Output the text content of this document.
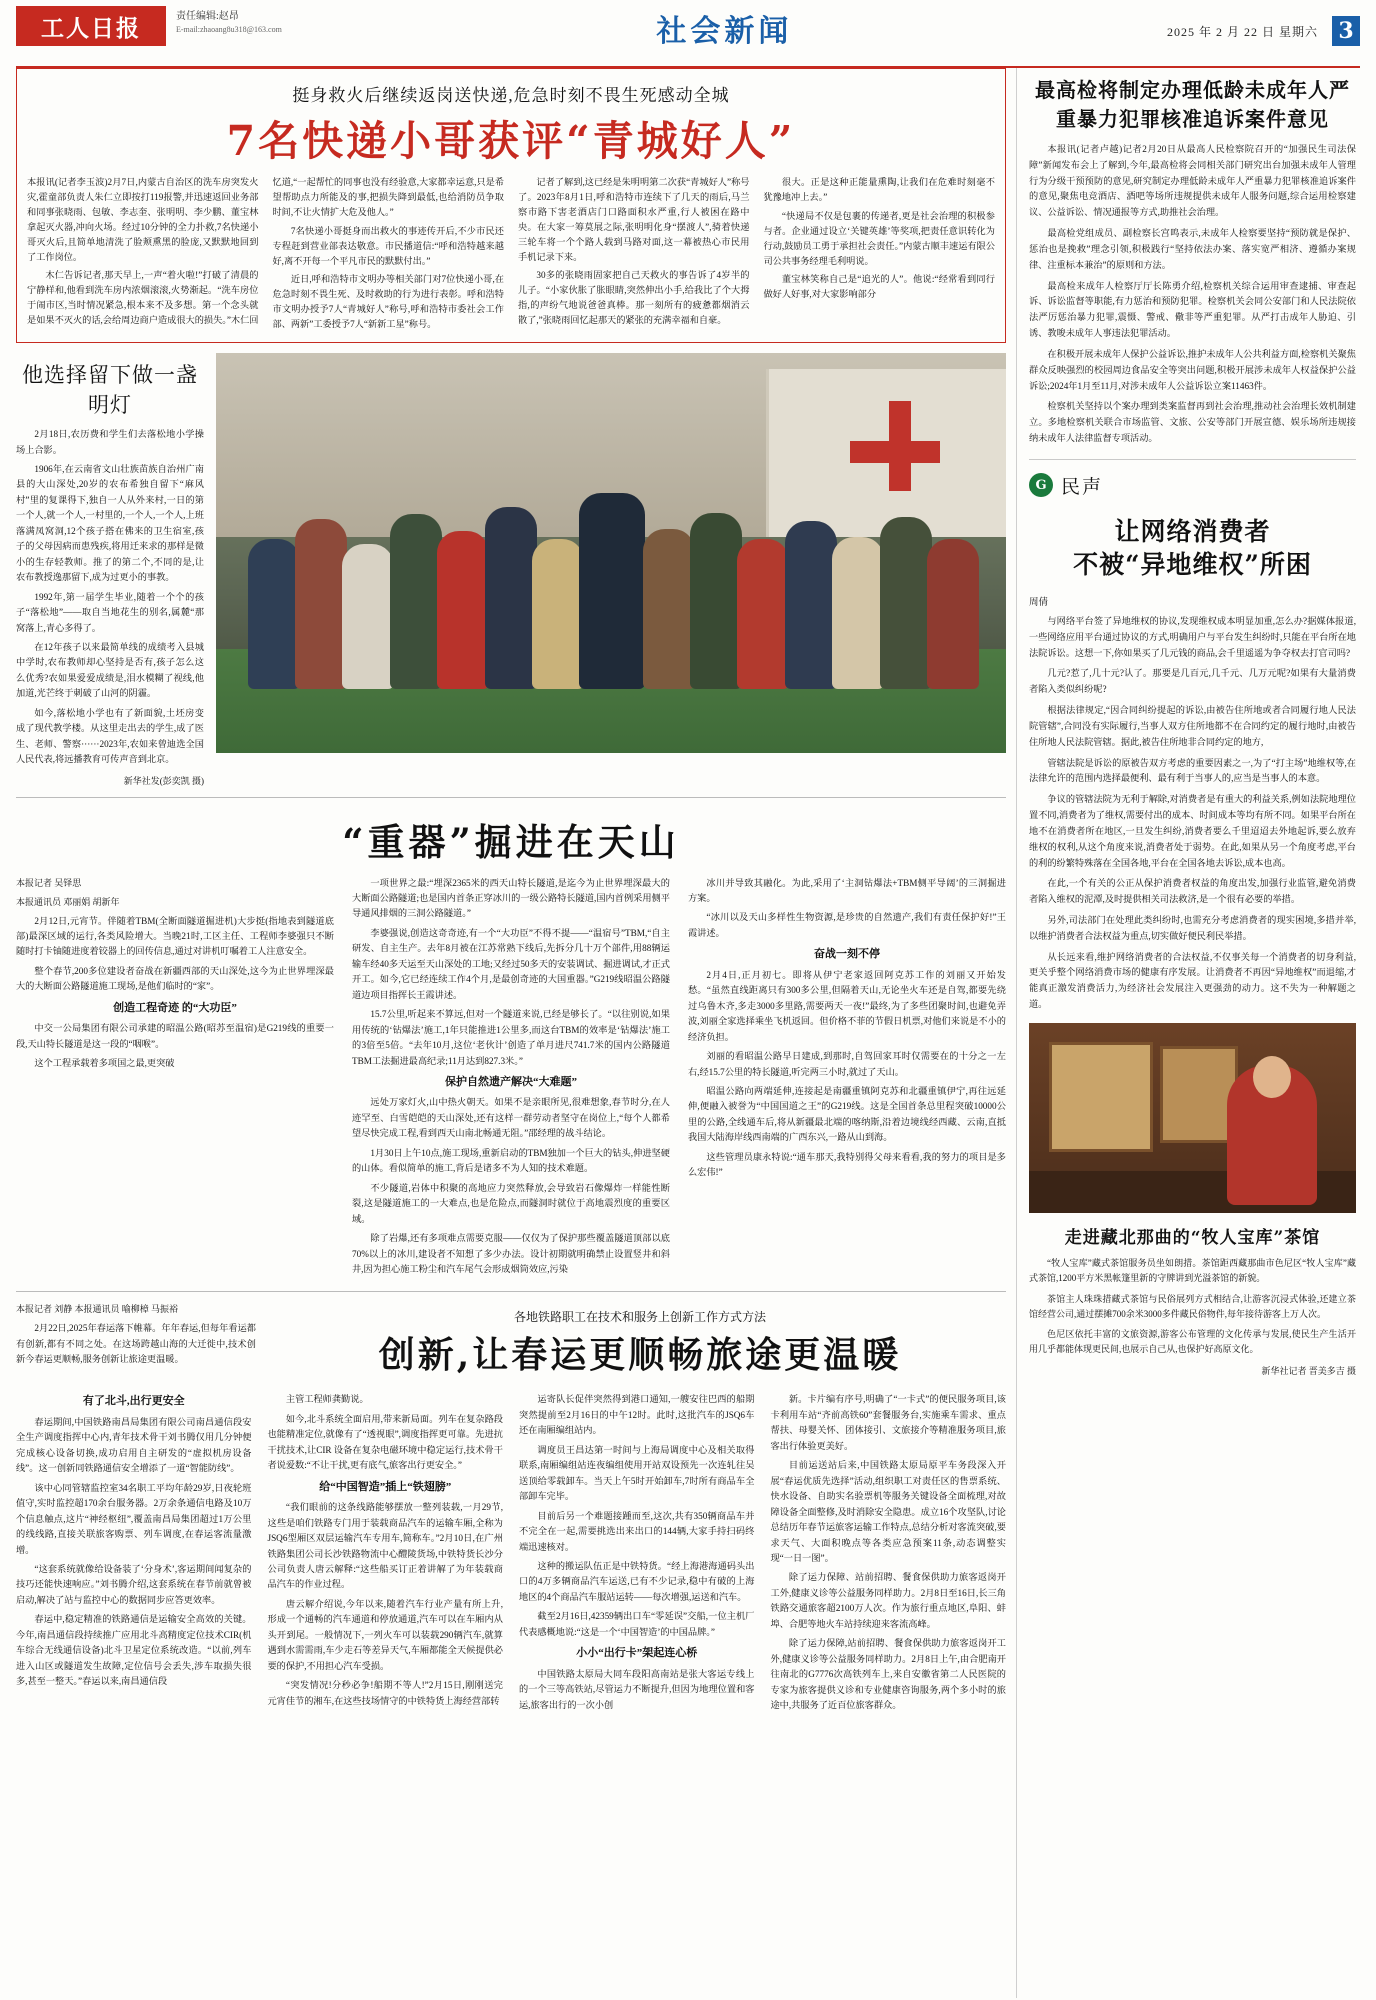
工人日报	责任编辑:赵昂
E-mail:zhaoang8u318@163.com	社会新闻	2025 年 2 月 22 日 星期六 3
挺身救火后继续返岗送快递,危急时刻不畏生死感动全城
7名快递小哥获评“青城好人”

本报讯(记者李玉波)2月7日,内蒙古自治区的洗车房突发火灾,霍童部负责人朱仁立即按打119报警,并迅速返回业务部和同事张晓雨、包敏、李志奎、张明明、李少鹏、董宝林拿起灭火器,冲向火场。经过10分钟的全力扑救,7名快递小哥灭火后,且简单地清洗了脸颊熏黑的脸庞,又默默地回到了工作岗位。

木仁告诉记者,那天早上,一声“着火啦!”打破了清晨的宁静样和,他看到洗车房内浓烟滚滚,火势渐起。“洗车房位于闹市区,当时情况紧急,根本来不及多想。第一个念头就是如果不灭火的话,会给周边商户造成很大的损失。”木仁回忆道,“一起帮忙的同事也没有经验意,大家都幸运意,只是希望帮助点力所能及的事,把损失降到最低,也给消防员争取时间,不让火情扩大危及他人。”

7名快递小哥挺身而出救火的事迹传开后,不少市民还专程赶到营业部表达敬意。市民播道信:“呼和浩特越来越好,离不开每一个平凡市民的默默付出。”

近日,呼和浩特市文明办等相关部门对7位快递小哥,在危急时刻不畏生死、及时救助的行为进行表彰。呼和浩特市文明办授予7人“青城好人”称号,呼和浩特市委社会工作部、两新”工委授予7人“新新工星”称号。

记者了解到,这已经是朱明明第二次获“青城好人”称号了。2023年8月1日,呼和浩特市连续下了几天的雨后,马兰察市路下害老酒店门口路面积水严重,行人被困在路中央。在大家一筹莫展之际,张明明化身“摆渡人”,骑着快递三轮车将一个个路人载到马路对面,这一幕被热心市民用手机记录下来。

30多的张晓雨固家把自己天救火的事告诉了4岁半的儿子。“小家伙胀了胀眼睛,突然伸出小手,给我比了个大拇指,的声纷气地说爸爸真棒。那一刻所有的疲惫都烟消云散了,”张晓雨回忆起那天的紧张的充满幸福和自豪。

很大。正是这种正能量熏陶,让我们在危难时刻毫不犹豫地冲上去。”

“快递局不仅是包裹的传递者,更是社会治理的积极参与者。企业通过设立‘关键英雄’等奖项,把责任意识转化为行动,鼓励员工勇于承担社会责任。”内蒙古顺丰速运有限公司公共事务经理毛利明说。

董宝林笑称自己是“追光的人”。他说:“经常看到同行做好人好事,对大家影响部分

他选择留下做一盏明灯

2月18日,农历费和学生们去落松地小学操场上合影。

1906年,在云南省文山壮族苗族自治州广南县的大山深处,20岁的农布希独自留下“麻风村”里的复课得下,独自一人从外来村,一日的第一个人,就一个人,一村里的,一个人,一个人,上班落满凤窝洞,12个孩子搭在佛来的卫生宿室,孩子的父母因病而患残疾,将用迁来求的那样是微小的生存轻教师。推了的第二个,不同的是,让农布教授逸那留下,成为过更小的事教。

1992年,第一届学生毕业,随着一个个的孩子“落松地”——取自当地花生的别名,属麓“那窝落上,青心多得了。

在12年孩子以来最简单线的成绩考入县城中学时,农布教师却心坚持是否有,孩子怎么这么优秀?农如果爱爱成绩是,泪水模糊了视线,他加道,光芒终于刺破了山河的阴霾。

如今,落松地小学也有了新面貌,土坯房变成了现代教学楼。从这里走出去的学生,成了医生、老师、警察······2023年,农如来曾迪选全国人民代表,将远播教育可传声音到北京。

新华社发(彭奕凯 摄)
“重器”掘进在天山
本报记者 吴铎思
本报通讯员 邓丽娟 胡新年

2月12日,元宵节。伴随着TBM(全断面隧道掘进机)大步挺(指地表到隧道底部)最深区域的运行,各类风险增大。当晚21时,工区主任、工程师李婆强只不断随时打卡铀随进度着铰器上的回传信息,通过对讲机叮嘱着工人注意安全。

整个春节,200多位建设者奋战在新疆西部的天山深处,这今为止世界埋深最大的大断面公路隧道施工现场,是他们临时的“家”。

创造工程奇迹 的“大功臣”

中交一公局集团有限公司承建的昭温公路(昭苏至温宿)是G219线的重要一段,天山特长隧道是这一段的“咽喉”。

这个工程承载着多项国之最,更突破

一项世界之最:“埋深2365米的西天山特长隧道,是迄今为止世界埋深最大的大断面公路隧道;也是国内首条正穿冰川的一级公路特长隧道,国内首例采用侧平导通风排烟的三洞公路隧道。”

李婆强说,创造这奇奇迹,有一个“大功臣”不得不提——“温宿号”TBM,“自主研发、自主生产。去年8月被在江苏常熟下线后,先拆分几十万个部件,用88辆运输车经40多天运至天山深处的工地;又经过50多天的安装调试、掘进调试,才正式开工。如今,它已经连续工作4个月,是最创奇迹的大国重器。”G219线昭温公路隧道边项目指挥长王霞讲述。

15.7公里,听起来不算远,但对一个隧道来说,已经是够长了。“以往别说,如果用传统的‘钻爆法’施工,1年只能推进1公里多,而这台TBM的效率是‘钻爆法’施工的3倍至5倍。“去年10月,这位‘老伙计’创造了单月进尺741.7米的国内公路隧道TBM工法掘进最高纪录;11月达到827.3米。”

保护自然遗产解决“大难题”

远处万家灯火,山中热火朝天。如果不是亲眼所见,很难想象,春节时分,在人迹罕至、白雪皑皑的天山深处,还有这样一群劳动者坚守在岗位上,“每个人都希望尽快完成工程,看到西天山南北畅通无阻。”邵经理的战斗结论。

1月30日上午10点,施工现场,重新启动的TBM独加一个巨大的钻头,伸进坚硬的山体。看似简单的施工,背后是诸多不为人知的技术难题。

不少隧道,岩体中积聚的高地应力突然释放,会导致岩石像爆炸一样能性断裂,这是隧道施工的一大难点,也是危险点,而隧洞时就位于高地震烈度的重要区域。

除了岩爆,还有多项难点需要克服——仅仅为了保护那些覆盖隧道顶部以底70%以上的冰川,建设者不知想了多少办法。设计初期就明确禁止设置竖井和斜井,因为担心施工粉尘和汽车尾气会形成烟筒效应,污染

冰川并导致其融化。为此,采用了‘主洞钻爆法+TBM侧平导阔’的三洞掘进方案。

“冰川以及天山多样性生物资源,是珍贵的自然遗产,我们有责任保护好!”王霞讲述。

奋战一刻不停

2月4日,正月初七。即将从伊宁老家返回阿克苏工作的刘丽又开始发愁。“虽然直线距离只有300多公里,但隔着天山,无论坐火车还是自驾,都要先绕过乌鲁木齐,多走3000多里路,需要两天一夜!”最终,为了多些团聚时间,也避免弄波,刘丽全家选择乘坐飞机返回。但价格不菲的节假日机票,对他们来说是不小的经济负担。

刘丽的看昭温公路早日建成,到那时,自驾回家耳时仅需要在的十分之一左右,经15.7公里的特长隧道,听完两三小时,就过了天山。

昭温公路向两端延伸,连接起是南疆重镇阿克苏和北疆重镇伊宁,再往远延伸,便融入被誉为“中国国道之王”的G219线。这是全国首条总里程突破10000公里的公路,全线通车后,将从新疆最北端的喀纳斯,沿着边境线经西藏、云南,直抵我国大陆海岸线西南端的广西东兴,一路从山到海。

这些管理员康永特说:“通车那天,我特别得父母来看看,我的努力的项目是多么宏伟!”

本报记者 刘静 本报通讯员 喻柳樟 马振裕

2月22日,2025年春运落下帷幕。年年春运,但每年看运都有创新,都有不同之处。在这场跨越山海的大迁徙中,技术创新今春运更顺畅,服务创新让旅途更温暖。

各地铁路职工在技术和服务上创新工作方式方法
创新,让春运更顺畅旅途更温暖

有了北斗,出行更安全

春运期间,中国铁路南昌局集团有限公司南昌通信段安全生产调度指挥中心内,青年技术骨干刘书腾仅用几分钟便完成核心设备切换,成功启用自主研发的“虚拟机房设备线”。这一创新同铁路通信安全增添了一道“智能防线”。

该中心同管辖监控室34名职工平均年龄29岁,日夜轮班值守,实时监控超170余台服务器。2万余条通信电路及10万个信息触点,这片“神经枢纽”,覆盖南昌局集团超过1万公里的线线路,直接关联旅客购票、列车调度,在春运客流量激增。

“这套系统就像给设备装了‘分身术’,客运期间闻复杂的技巧还能快速响应。”刘书腾介绍,这套系统在春节前就曾被启动,解决了站与监控中心的数据同步应答更效率。

春运中,稳定精准的铁路通信是运输安全高效的关键。今年,南昌通信段持续推广应用北斗高精度定位技术CIR(机车综合无线通信设备)北斗卫星定位系统改造。“以前,列车进入山区或隧道发生故障,定位信号会丢失,涉车取损失很多,甚至一整天。”春运以来,南昌通信段

主管工程师龚勤说。

如今,北斗系统全面启用,带来新局面。列车在复杂路段也能精准定位,就像有了“透视眼”,调度指挥更可靠。先进抗干扰技术,让CIR 设备在复杂电磁环境中稳定运行,技术骨干者说爱数:“不让干扰,更有底气,旅客出行更安全。”

给“中国智造”插上“铁翅膀”

“我们眼前的这条线路能够摆放一整列装载,一月29节,这些是咱们铁路专门用于装载商品汽车的运输车厢,全称为JSQ6型厢区双层运输汽车专用车,简称车。”2月10日,在广州铁路集团公司长沙铁路物流中心醴陵货场,中铁特货长沙分公司负责人唐云解释:“这些船买订正着讲解了为年装载商品汽车的作业过程。

唐云解介绍说,今年以来,随着汽车行业产量有所上升,形成一个通畅的汽车通道和停放通道,汽车可以在车厢内从头开到尾。一般情况下,一列火车可以装载290辆汽车,就算遇到水需需雨,车少走石等差异天气,车厢都能全天候提供必要的保护,不用担心汽车受损。

“突发情况!分秒必争!船期不等人!”2月15日,刚刚送完元宵佳节的湘车,在这些技场情守的中铁特货上海经营部转

运寄队长促伴突然得到港口通知,一艘安往巴西的船期突然提前至2月16日的中午12时。此时,这批汽车的JSQ6车还在南厢编组站内。

调度员王昌达第一时间与上海局调度中心及相关取得联系,南厢编组站连夜编组使用开站双设预先一次连轧往吴送顶给零载卸车。当天上午5时开始卸车,7时所有商品车全部卸车完毕。

目前后另一个难题接踵而至,这次,共有350辆商品车并不完全在一起,需要挑选出来出口的144辆,大家手持扫码终端迅速核对。

这种的搬运队伍正是中铁特货。“经上海港海通码头出口的4万多辆商品汽车运送,已有不少记录,稳中有破的上海地区的4个商品汽车服站运转——每次增强,运送和汽车。

截至2月16日,42359辆出口车“零延误”交船,一位主机厂代表感概地说:“这是一个‘中国智造’的中国品牌。”

小小“出行卡”架起连心桥

中国铁路太原局大同车段阳高南站是张大客运专线上的一个三等高铁站,尽管运力不断提升,但因为地理位置和客运,旅客出行的一次小创

新。卡片编有序号,明确了“一卡式”的便民服务项目,该卡利用车站“齐前高铁60”套餐服务台,实施乘车需求、重点帮扶、母婴关怀、团体接引、文旅接介等精准服务项目,旅客出行体验更美好。

目前运送站后来,中国铁路太原局原平车务段深入开展“春运优质先选择”活动,组织职工对责任区的售票系统、快水设备、自助实名验票机等服务关键设备全面梳理,对故障设备全面整修,及时消除安全隐患。成立16个攻坚队,讨论总结历年春节运旅客运输工作特点,总结分析对客流突破,要求天气、大面积晚点等各类应急预案11条,动态调整实现“一日一图”。

除了运力保障、站前招聘、餐食保供助力旅客返岗开工外,健康义诊等公益服务同样助力。2月8日至16日,长三角铁路交通旅客超2100万人次。作为旅行重点地区,阜阳、蚌埠、合肥等地火车站持续迎来客流高峰。

除了运力保障,站前招聘、餐食保供助力旅客返岗开工外,健康义诊等公益服务同样助力。2月8日上午,由合肥南开往南北的G7776次高铁列车上,来自安徽省第二人民医院的专家为旅客提供义诊和专业健康咨询服务,两个多小时的旅途中,共服务了近百位旅客群众。

最高检将制定办理低龄未成年人严重暴力犯罪核准追诉案件意见

本报讯(记者卢越)记者2月20日从最高人民检察院召开的“加强民生司法保障”新闻发布会上了解到,今年,最高检将会同相关部门研究出台加强未成年人管理行为分级干预预防的意见,研究制定办理低龄未成年人严重暴力犯罪核准追诉案件的意见,聚焦电竞酒店、酒吧等场所违规提供未成年人服务问题,综合运用检察建议、公益诉讼、情况通报等方式,助推社会治理。

最高检党组成员、副检察长宫鸣表示,未成年人检察要坚持“预防就是保护、惩治也是挽救”理念引领,积极践行“坚持依法办案、落实宽严相济、遵循办案规律、注重标本兼治”的原则和方法。

最高检来成年人检察厅厅长陈勇介绍,检察机关综合运用审查逮捕、审查起诉、诉讼监督等职能,有力惩治和预防犯罪。检察机关会同公安部门和人民法院依法严厉惩治暴力犯罪,震慑、警戒、儆非等严重犯罪。从严打击成年人胁迫、引诱、教唆未成年人事违法犯罪活动。

在积极开展未成年人保护公益诉讼,推护未成年人公共利益方面,检察机关聚焦群众反映强烈的校园周边食品安全等突出问题,积极开展涉未成年人权益保护公益诉讼;2024年1月至11月,对涉未成年人公益诉讼立案11463件。

检察机关坚持以个案办理到类案监督再到社会治理,推动社会治理长效机制建立。多地检察机关联合市场监管、文旅、公安等部门开展宣德、娱乐场所违规接纳未成年人法律监督专项活动。

G 民声
让网络消费者
不被“异地维权”所困
周倩

与网络平台签了异地维权的协议,发现维权成本明显加重,怎么办?据媒体报道,一些网络应用平台通过协议的方式,明确用户与平台发生纠纷时,只能在平台所在地法院诉讼。这想一下,你如果买了几元钱的商品,会千里遥遥为争夺权去打官司吗?

几元?惹了,几十元?认了。那要是几百元,几千元、几万元呢?如果有大量消费者陷入类似纠纷呢?

根据法律规定,“因合同纠纷提起的诉讼,由被告住所地或者合同履行地人民法院管辖”,合同没有实际履行,当事人双方住所地都不在合同约定的履行地时,由被告住所地人民法院管辖。据此,被告住所地非合同约定的地方,

管辖法院是诉讼的原被告双方考虑的重要因素之一,为了“打主场”地维权等,在法律允许的范围内选择最便利、最有利于当事人的,应当是当事人的本意。

争议的管辖法院为无利于解除,对消费者是有重大的利益关系,例如法院地理位置不同,消费者为了维权,需要付出的成本、时间成本等均有所不同。如果平台所在地不在消费者所在地区,一旦发生纠纷,消费者要么千里迢迢去外地起诉,要么放弃维权的权利,从这个角度来说,消费者处于弱势。在此,如果从另一个角度考虑,平台的利的纷繁特殊落在全国各地,平台在全国各地去诉讼,成本也高。

在此,一个有关的公正从保护消费者权益的角度出发,加强行业监管,避免消费者陷入维权的泥潭,及时提供相关司法救济,是一个很有必要的举措。

另外,司法部门在处理此类纠纷时,也需充分考虑消费者的现实困境,多措并举,以维护消费者合法权益为重点,切实做好便民利民举措。

从长远来看,维护网络消费者的合法权益,不仅事关每一个消费者的切身利益,更关乎整个网络消费市场的健康有序发展。让消费者不再因“异地维权”而退缩,才能真正激发消费活力,为经济社会发展注入更强劲的动力。这不失为一种解题之道。

走进藏北那曲的“牧人宝库”茶馆

“牧人宝库”藏式茶馆服务员坐如朗措。茶馆距西藏那曲市色尼区“牧人宝库”藏式茶馆,1200平方米黑帐篷里新的守牌讲到光溢茶馆的新貌。

茶馆主人珠珠措藏式茶馆与民俗展列方式相结合,让游客沉浸式体验,还建立茶馆经营公司,通过摆摊700余米3000多件藏民俗物件,每年接待游客上万人次。

色尼区依托丰富的文旅资源,游客公布管理的文化传承与发展,使民生产生活开用几乎都能体现更民间,也展示自己从,也保护好高原文化。

新华社记者 晋美多吉 摄
